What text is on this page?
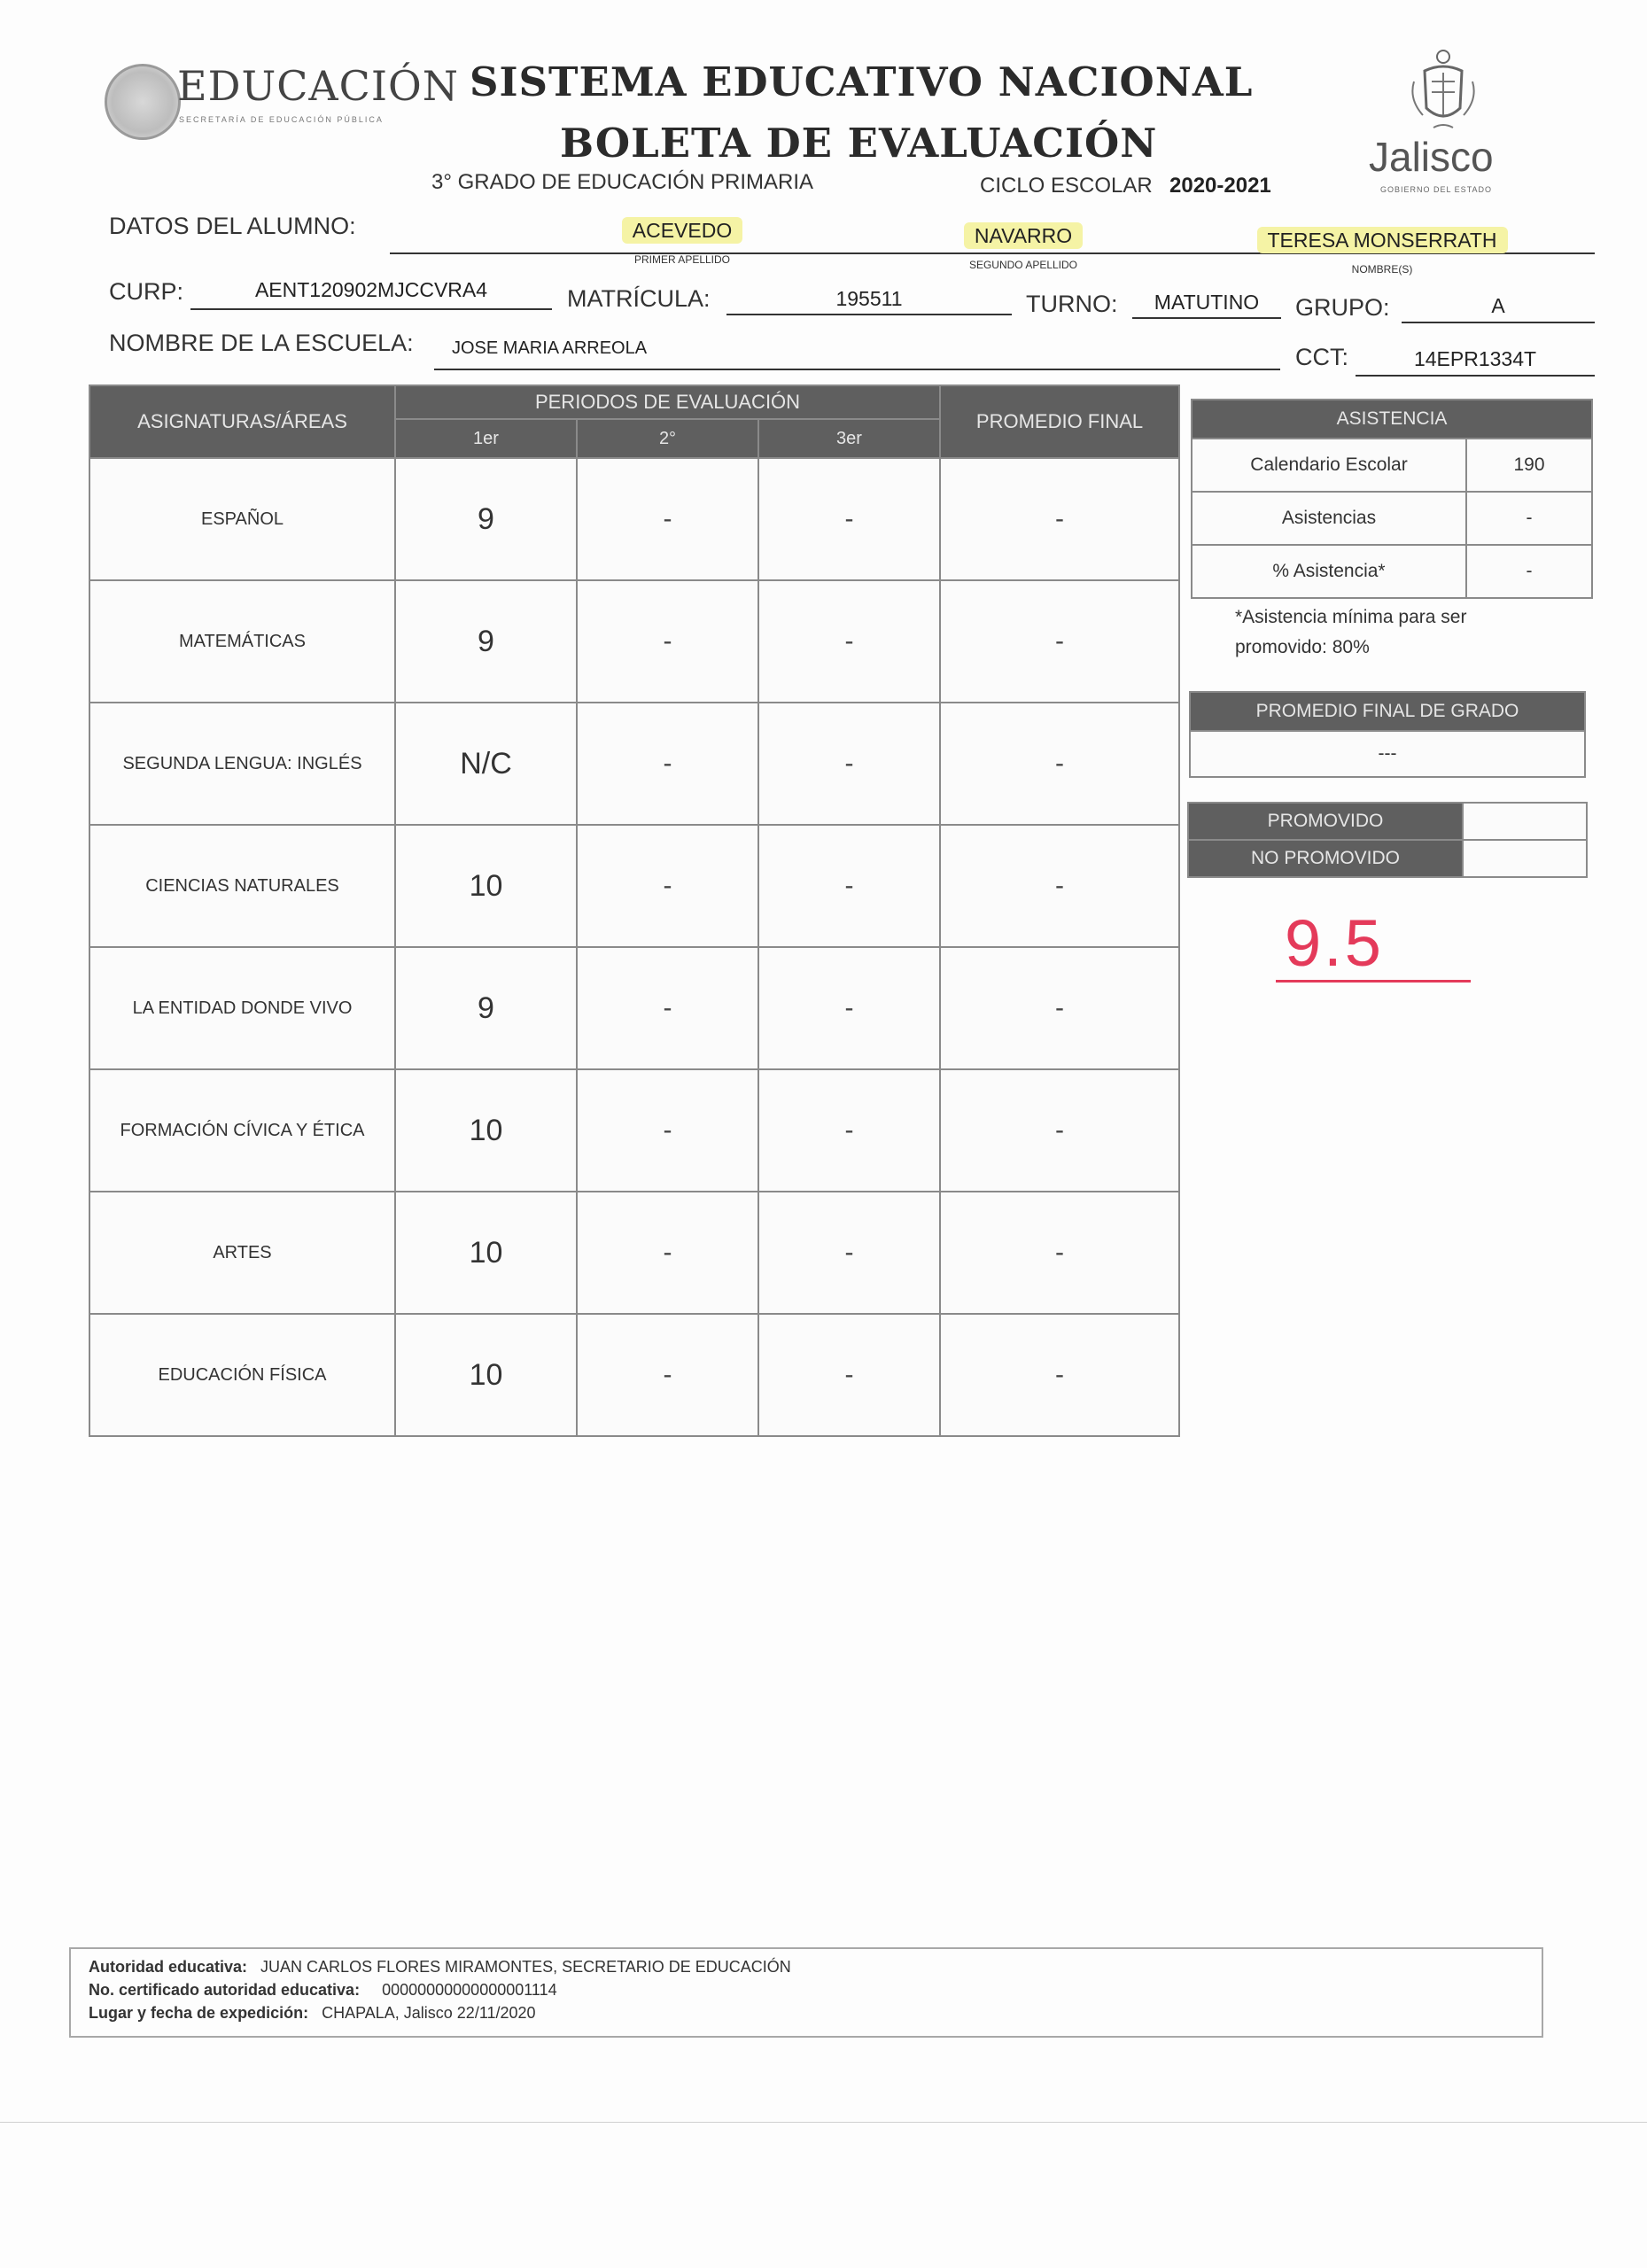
EDUCACIÓN
SECRETARÍA DE EDUCACIÓN PÚBLICA
SISTEMA EDUCATIVO NACIONAL
BOLETA DE EVALUACIÓN
3° GRADO DE EDUCACIÓN PRIMARIA	CICLO ESCOLAR 2020-2021
Jalisco
GOBIERNO DEL ESTADO
DATOS DEL ALUMNO:	ACEVEDO
PRIMER APELLIDO
NAVARRO
SEGUNDO APELLIDO
TERESA MONSERRATH
NOMBRE(S)
CURP:	AENT120902MJCCVRA4	MATRÍCULA:	195511	TURNO:	MATUTINO	GRUPO:	A
NOMBRE DE LA ESCUELA: JOSE MARIA ARREOLA	CCT:	14EPR1334T
ASIGNATURAS/ÁREAS	PERIODOS DE EVALUACIÓN			PROMEDIO FINAL
	1er	2°	3er	
ESPAÑOL	9	-	-	-
MATEMÁTICAS	9	-	-	-
SEGUNDA LENGUA: INGLÉS	N/C	-	-	-
CIENCIAS NATURALES	10	-	-	-
LA ENTIDAD DONDE VIVO	9	-	-	-
FORMACIÓN CÍVICA Y ÉTICA	10	-	-	-
ARTES	10	-	-	-
EDUCACIÓN FÍSICA	10	-	-	-
ASISTENCIA	
Calendario Escolar	190
Asistencias	-
% Asistencia*	-
*Asistencia mínima para ser promovido: 80%
PROMEDIO FINAL DE GRADO
---
PROMOVIDO	
NO PROMOVIDO	
9.5
Autoridad educativa: JUAN CARLOS FLORES MIRAMONTES, SECRETARIO DE EDUCACIÓN
No. certificado autoridad educativa: 00000000000000001114
Lugar y fecha de expedición: CHAPALA, Jalisco 22/11/2020
